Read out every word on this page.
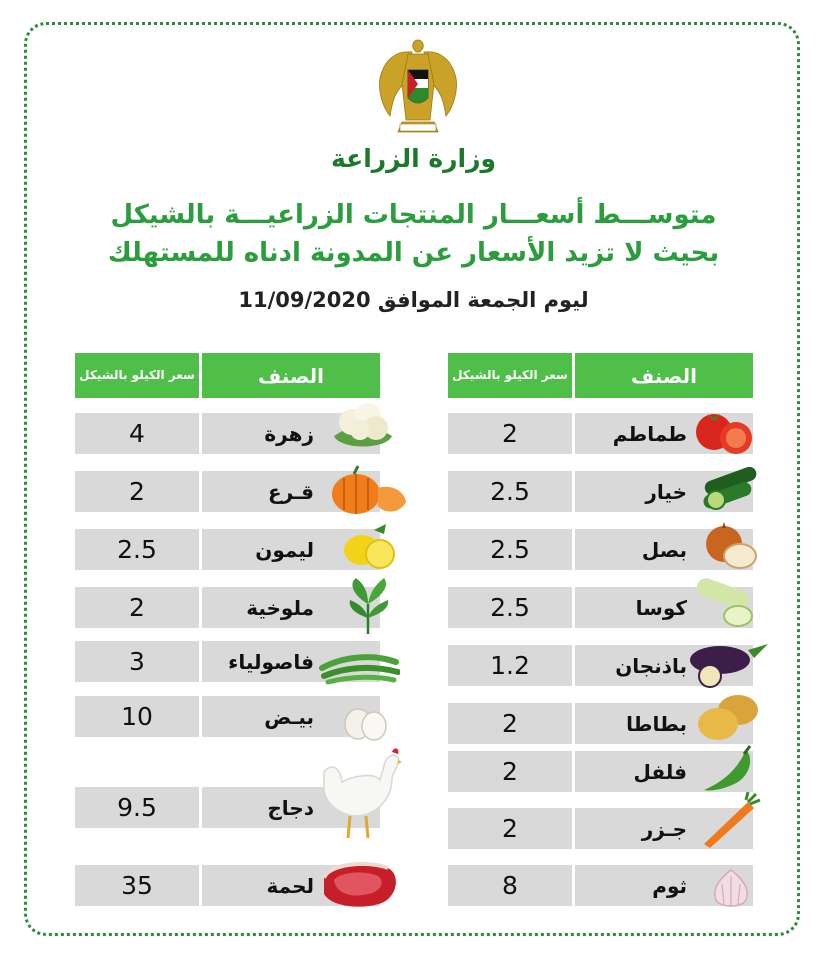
وزارة الزراعة
متوســـط أسعـــار المنتجات الزراعيـــة بالشيكل
بحيث لا تزيد الأسعار عن المدونة ادناه للمستهلك
ليوم الجمعة الموافق 11/09/2020
سعر الكيلو بالشيكل	الصنف
2	طماطم
2.5	خيار
2.5	بصل
2.5	كوسا
1.2	باذنجان
2	بطاطا
2	فلفل
2	جـزر
8	ثوم
سعر الكيلو بالشيكل	الصنف
4	زهرة
2	قـرع
2.5	ليمون
2	ملوخية
3	فاصولياء
10	بيـض
9.5	دجاج
35	لحمة
